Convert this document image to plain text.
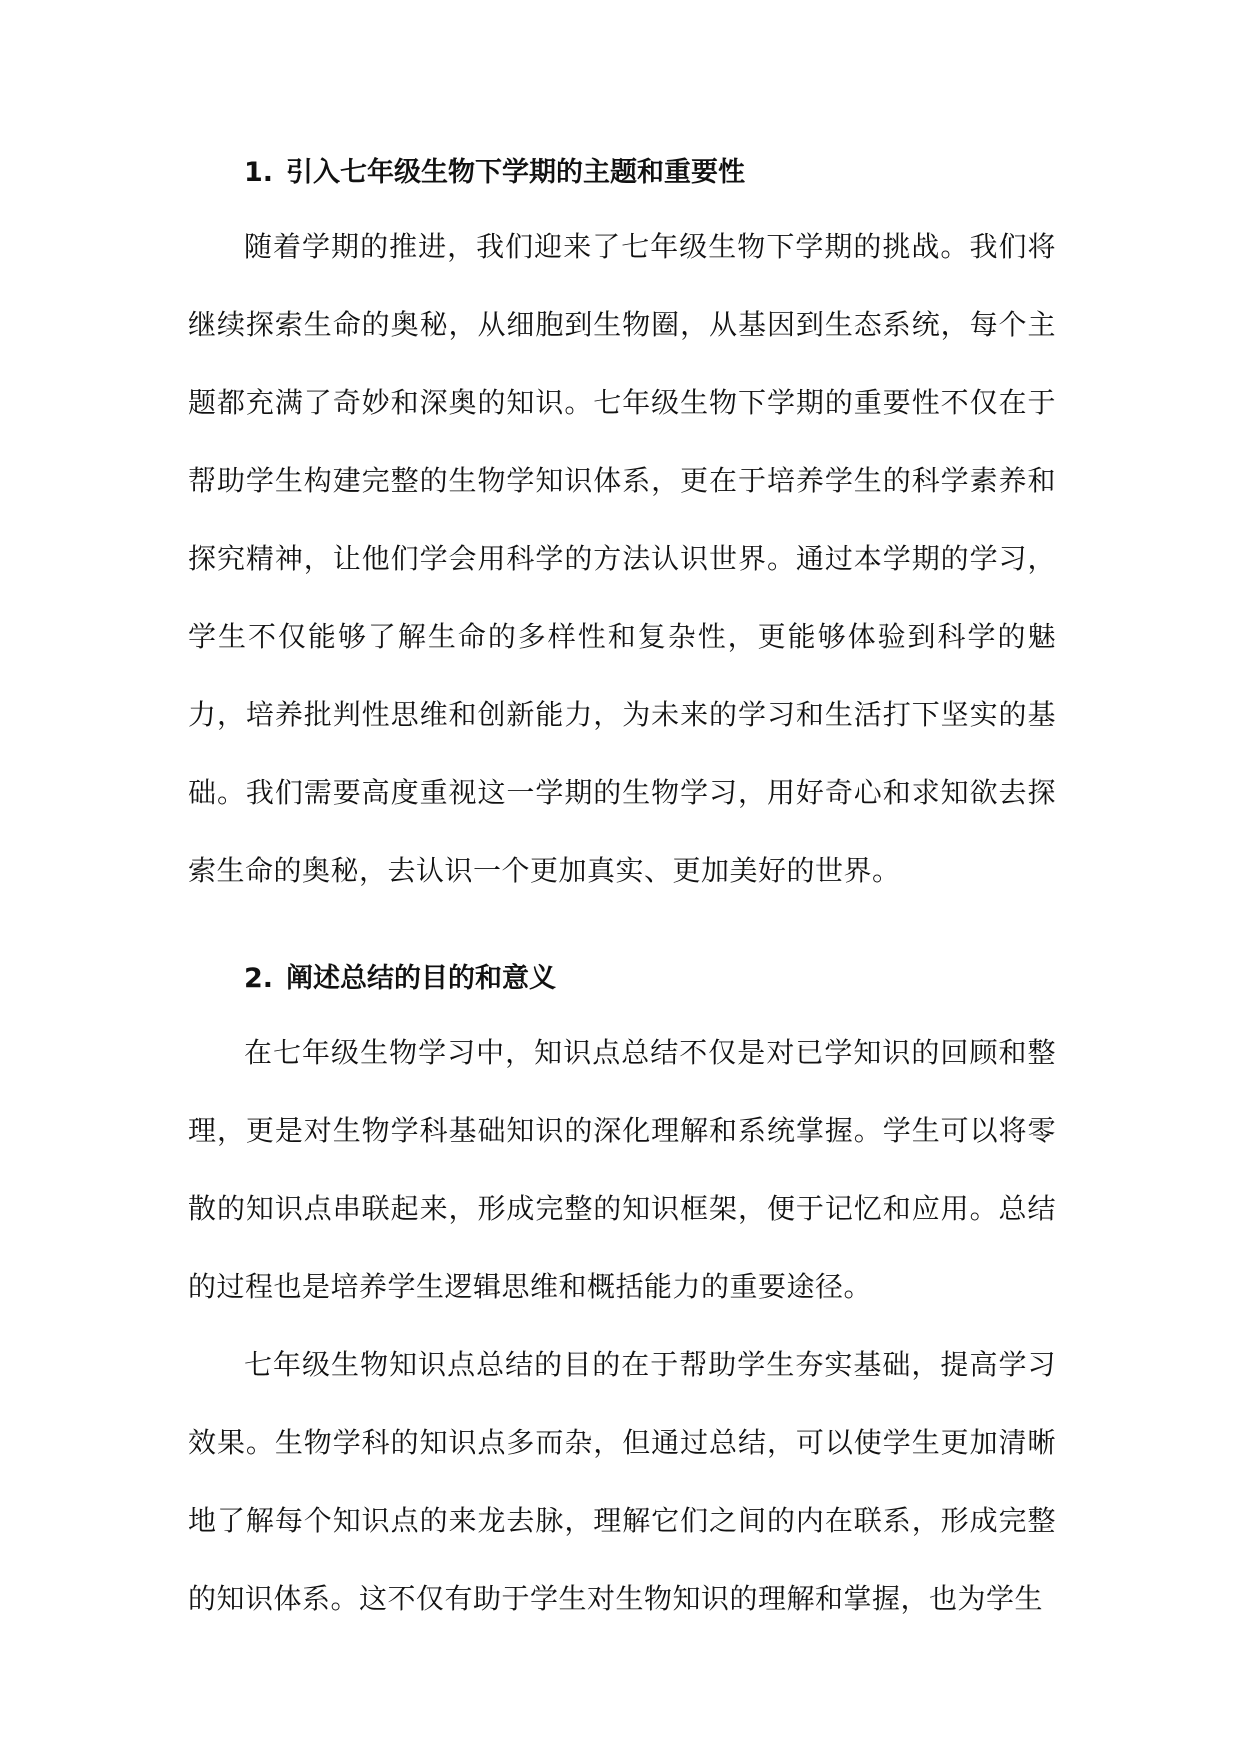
1. 引入七年级生物下学期的主题和重要性

随着学期的推进，我们迎来了七年级生物下学期的挑战。我们将继续探索生命的奥秘，从细胞到生物圈，从基因到生态系统，每个主题都充满了奇妙和深奥的知识。七年级生物下学期的重要性不仅在于帮助学生构建完整的生物学知识体系，更在于培养学生的科学素养和探究精神，让他们学会用科学的方法认识世界。通过本学期的学习，学生不仅能够了解生命的多样性和复杂性，更能够体验到科学的魅力，培养批判性思维和创新能力，为未来的学习和生活打下坚实的基础。我们需要高度重视这一学期的生物学习，用好奇心和求知欲去探索生命的奥秘，去认识一个更加真实、更加美好的世界。

2. 阐述总结的目的和意义

在七年级生物学习中，知识点总结不仅是对已学知识的回顾和整理，更是对生物学科基础知识的深化理解和系统掌握。学生可以将零散的知识点串联起来，形成完整的知识框架，便于记忆和应用。总结的过程也是培养学生逻辑思维和概括能力的重要途径。

七年级生物知识点总结的目的在于帮助学生夯实基础，提高学习效果。生物学科的知识点多而杂，但通过总结，可以使学生更加清晰地了解每个知识点的来龙去脉，理解它们之间的内在联系，形成完整的知识体系。这不仅有助于学生对生物知识的理解和掌握，也为学生
